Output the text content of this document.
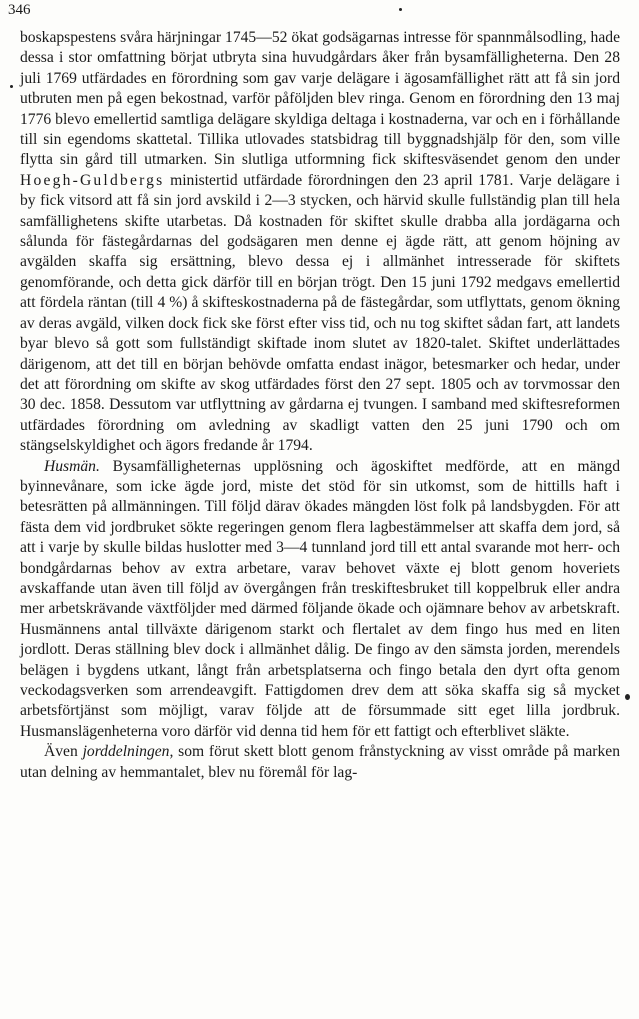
346

boskapspestens svåra härjningar 1745—52 ökat godsägarnas intresse för spannmålsodling, hade dessa i stor omfattning börjat utbryta sina huvudgårdars åker från bysamfälligheterna. Den 28 juli 1769 utfärdades en förordning som gav varje delägare i ägosamfällighet rätt att få sin jord utbruten men på egen bekostnad, varför påföljden blev ringa. Genom en förordning den 13 maj 1776 blevo emellertid samtliga delägare skyldiga deltaga i kostnaderna, var och en i förhållande till sin egendoms skattetal. Tillika utlovades statsbidrag till byggnadshjälp för den, som ville flytta sin gård till utmarken. Sin slutliga utformning fick skiftesväsendet genom den under Hoegh-Guldbergs ministertid utfärdade förordningen den 23 april 1781. Varje delägare i by fick vitsord att få sin jord avskild i 2—3 stycken, och härvid skulle fullständig plan till hela samfällighetens skifte utarbetas. Då kostnaden för skiftet skulle drabba alla jordägarna och sålunda för fästegårdarnas del godsägaren men denne ej ägde rätt, att genom höjning av avgälden skaffa sig ersättning, blevo dessa ej i allmänhet intresserade för skiftets genomförande, och detta gick därför till en början trögt. Den 15 juni 1792 medgavs emellertid att fördela räntan (till 4 %) å skifteskostnaderna på de fästegårdar, som utflyttats, genom ökning av deras avgäld, vilken dock fick ske först efter viss tid, och nu tog skiftet sådan fart, att landets byar blevo så gott som fullständigt skiftade inom slutet av 1820-talet. Skiftet underlättades därigenom, att det till en början behövde omfatta endast inägor, betesmarker och hedar, under det att förordning om skifte av skog utfärdades först den 27 sept. 1805 och av torvmossar den 30 dec. 1858. Dessutom var utflyttning av gårdarna ej tvungen. I samband med skiftesreformen utfärdades förordning om avledning av skadligt vatten den 25 juni 1790 och om stängselskyldighet och ägors fredande år 1794.

Husmän. Bysamfälligheternas upplösning och ägoskiftet medförde, att en mängd byinnevånare, som icke ägde jord, miste det stöd för sin utkomst, som de hittills haft i betesrätten på allmänningen. Till följd därav ökades mängden löst folk på landsbygden. För att fästa dem vid jordbruket sökte regeringen genom flera lagbestämmelser att skaffa dem jord, så att i varje by skulle bildas huslotter med 3—4 tunnland jord till ett antal svarande mot herr- och bondgårdarnas behov av extra arbetare, varav behovet växte ej blott genom hoveriets avskaffande utan även till följd av övergången från treskiftesbruket till koppelbruk eller andra mer arbetskrävande växtföljder med därmed följande ökade och ojämnare behov av arbetskraft. Husmännens antal tillväxte därigenom starkt och flertalet av dem fingo hus med en liten jordlott. Deras ställning blev dock i allmänhet dålig. De fingo av den sämsta jorden, merendels belägen i bygdens utkant, långt från arbetsplatserna och fingo betala den dyrt ofta genom veckodagsverken som arrendeavgift. Fattigdomen drev dem att söka skaffa sig så mycket arbetsförtjänst som möjligt, varav följde att de försummade sitt eget lilla jordbruk. Husmanslägenheterna voro därför vid denna tid hem för ett fattigt och efterblivet släkte.

Även jorddelningen, som förut skett blott genom frånstyckning av visst område på marken utan delning av hemmantalet, blev nu föremål för lag-
